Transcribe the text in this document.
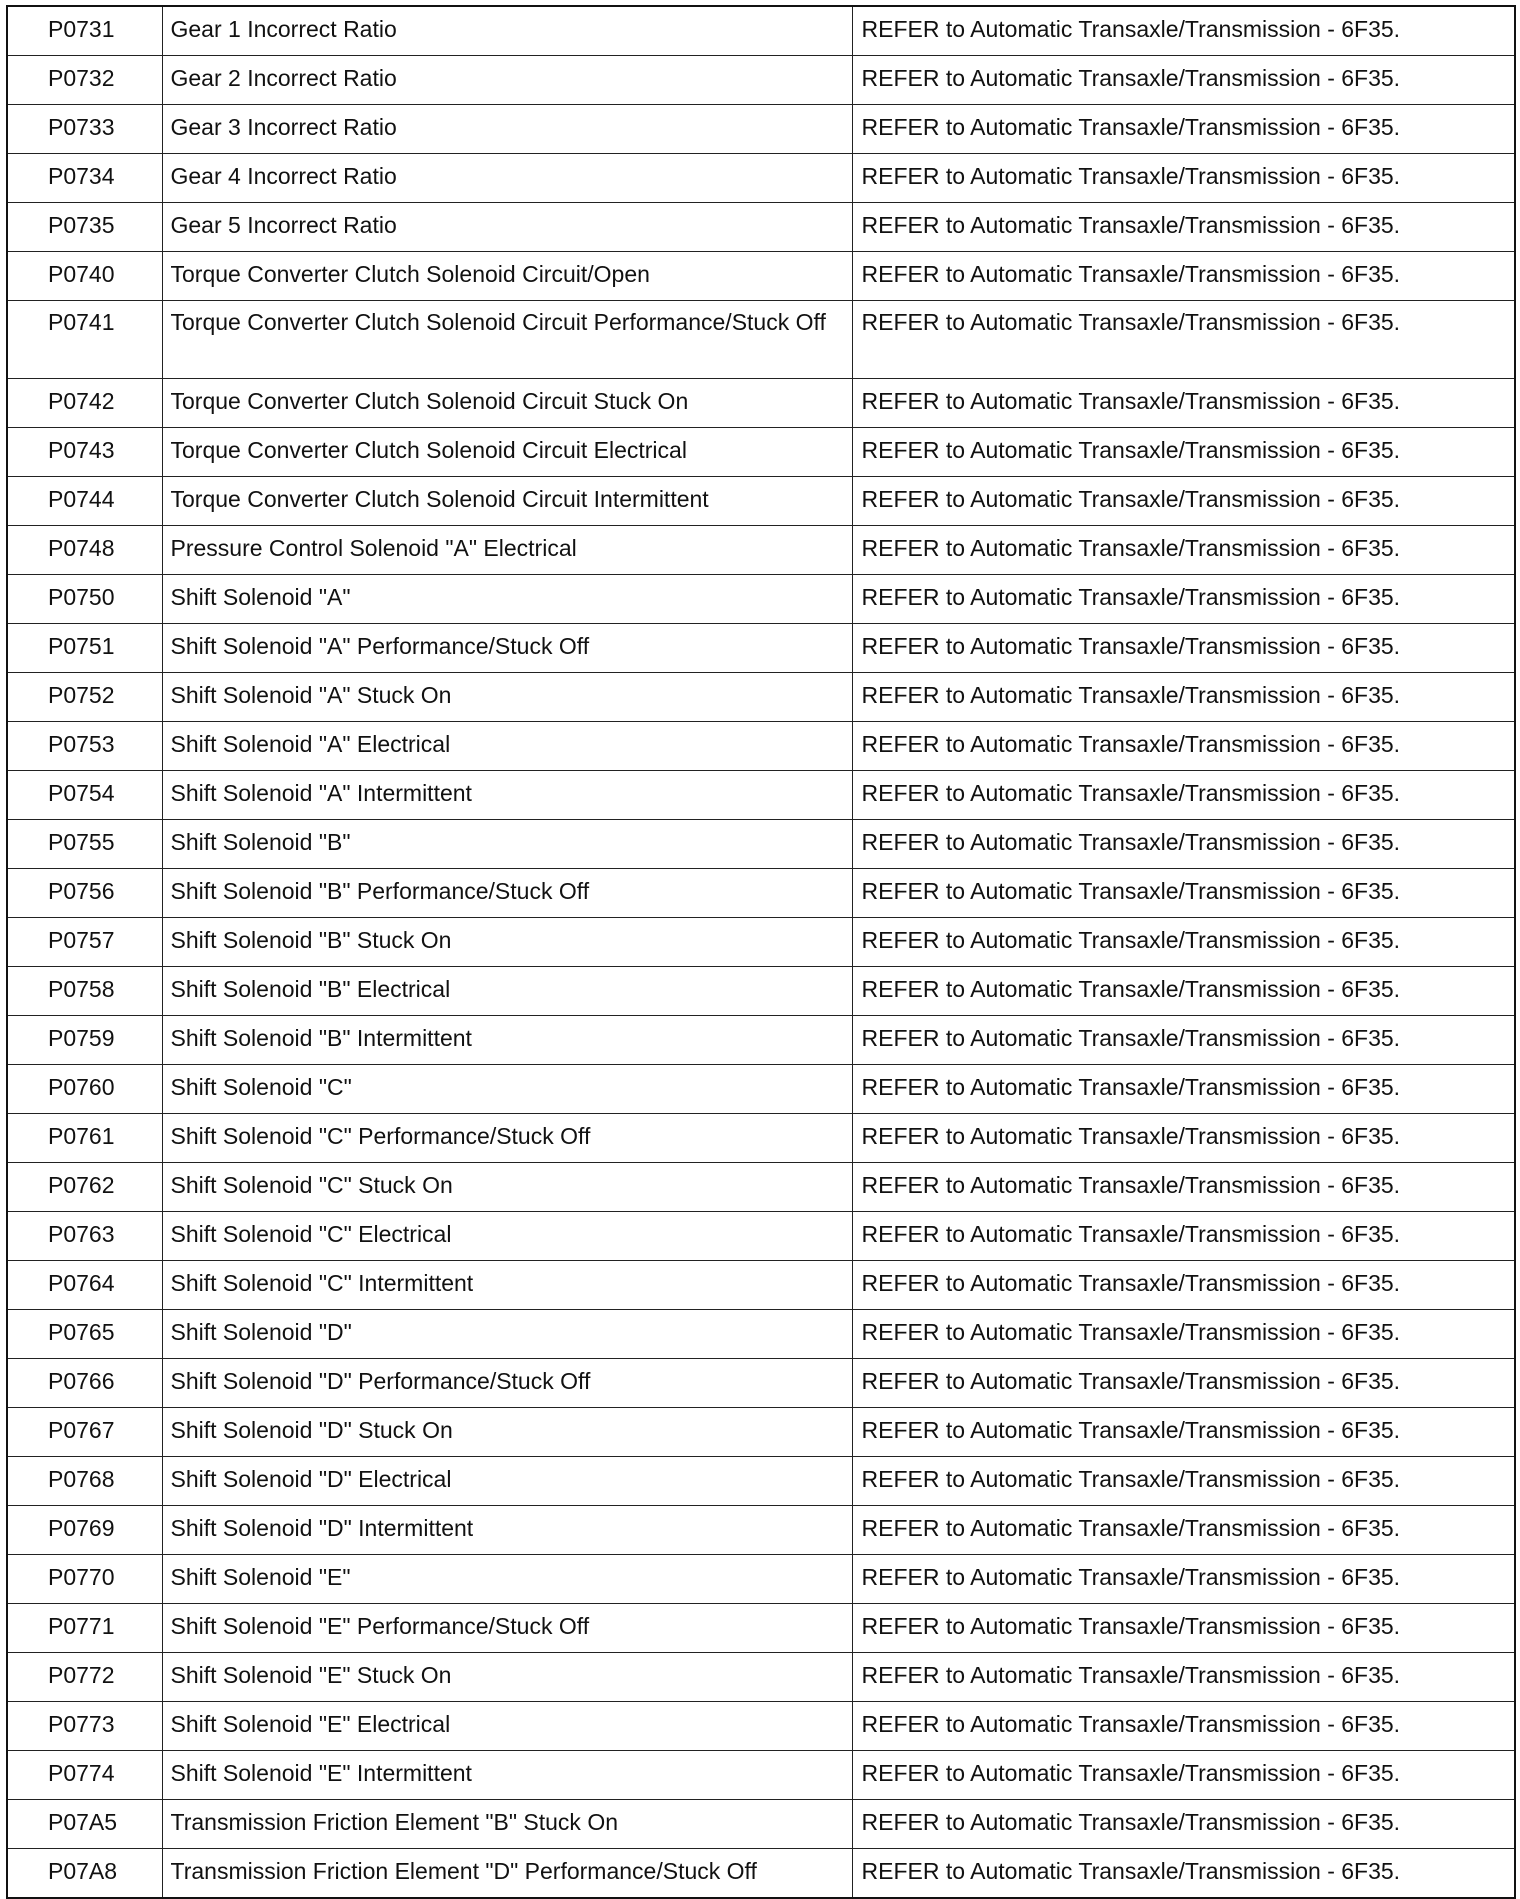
P0731	Gear 1 Incorrect Ratio	REFER to Automatic Transaxle/Transmission - 6F35.
P0732	Gear 2 Incorrect Ratio	REFER to Automatic Transaxle/Transmission - 6F35.
P0733	Gear 3 Incorrect Ratio	REFER to Automatic Transaxle/Transmission - 6F35.
P0734	Gear 4 Incorrect Ratio	REFER to Automatic Transaxle/Transmission - 6F35.
P0735	Gear 5 Incorrect Ratio	REFER to Automatic Transaxle/Transmission - 6F35.
P0740	Torque Converter Clutch Solenoid Circuit/Open	REFER to Automatic Transaxle/Transmission - 6F35.
P0741	Torque Converter Clutch Solenoid Circuit Performance/Stuck Off	REFER to Automatic Transaxle/Transmission - 6F35.
P0742	Torque Converter Clutch Solenoid Circuit Stuck On	REFER to Automatic Transaxle/Transmission - 6F35.
P0743	Torque Converter Clutch Solenoid Circuit Electrical	REFER to Automatic Transaxle/Transmission - 6F35.
P0744	Torque Converter Clutch Solenoid Circuit Intermittent	REFER to Automatic Transaxle/Transmission - 6F35.
P0748	Pressure Control Solenoid "A" Electrical	REFER to Automatic Transaxle/Transmission - 6F35.
P0750	Shift Solenoid "A"	REFER to Automatic Transaxle/Transmission - 6F35.
P0751	Shift Solenoid "A" Performance/Stuck Off	REFER to Automatic Transaxle/Transmission - 6F35.
P0752	Shift Solenoid "A" Stuck On	REFER to Automatic Transaxle/Transmission - 6F35.
P0753	Shift Solenoid "A" Electrical	REFER to Automatic Transaxle/Transmission - 6F35.
P0754	Shift Solenoid "A" Intermittent	REFER to Automatic Transaxle/Transmission - 6F35.
P0755	Shift Solenoid "B"	REFER to Automatic Transaxle/Transmission - 6F35.
P0756	Shift Solenoid "B" Performance/Stuck Off	REFER to Automatic Transaxle/Transmission - 6F35.
P0757	Shift Solenoid "B" Stuck On	REFER to Automatic Transaxle/Transmission - 6F35.
P0758	Shift Solenoid "B" Electrical	REFER to Automatic Transaxle/Transmission - 6F35.
P0759	Shift Solenoid "B" Intermittent	REFER to Automatic Transaxle/Transmission - 6F35.
P0760	Shift Solenoid "C"	REFER to Automatic Transaxle/Transmission - 6F35.
P0761	Shift Solenoid "C" Performance/Stuck Off	REFER to Automatic Transaxle/Transmission - 6F35.
P0762	Shift Solenoid "C" Stuck On	REFER to Automatic Transaxle/Transmission - 6F35.
P0763	Shift Solenoid "C" Electrical	REFER to Automatic Transaxle/Transmission - 6F35.
P0764	Shift Solenoid "C" Intermittent	REFER to Automatic Transaxle/Transmission - 6F35.
P0765	Shift Solenoid "D"	REFER to Automatic Transaxle/Transmission - 6F35.
P0766	Shift Solenoid "D" Performance/Stuck Off	REFER to Automatic Transaxle/Transmission - 6F35.
P0767	Shift Solenoid "D" Stuck On	REFER to Automatic Transaxle/Transmission - 6F35.
P0768	Shift Solenoid "D" Electrical	REFER to Automatic Transaxle/Transmission - 6F35.
P0769	Shift Solenoid "D" Intermittent	REFER to Automatic Transaxle/Transmission - 6F35.
P0770	Shift Solenoid "E"	REFER to Automatic Transaxle/Transmission - 6F35.
P0771	Shift Solenoid "E" Performance/Stuck Off	REFER to Automatic Transaxle/Transmission - 6F35.
P0772	Shift Solenoid "E" Stuck On	REFER to Automatic Transaxle/Transmission - 6F35.
P0773	Shift Solenoid "E" Electrical	REFER to Automatic Transaxle/Transmission - 6F35.
P0774	Shift Solenoid "E" Intermittent	REFER to Automatic Transaxle/Transmission - 6F35.
P07A5	Transmission Friction Element "B" Stuck On	REFER to Automatic Transaxle/Transmission - 6F35.
P07A8	Transmission Friction Element "D" Performance/Stuck Off	REFER to Automatic Transaxle/Transmission - 6F35.
